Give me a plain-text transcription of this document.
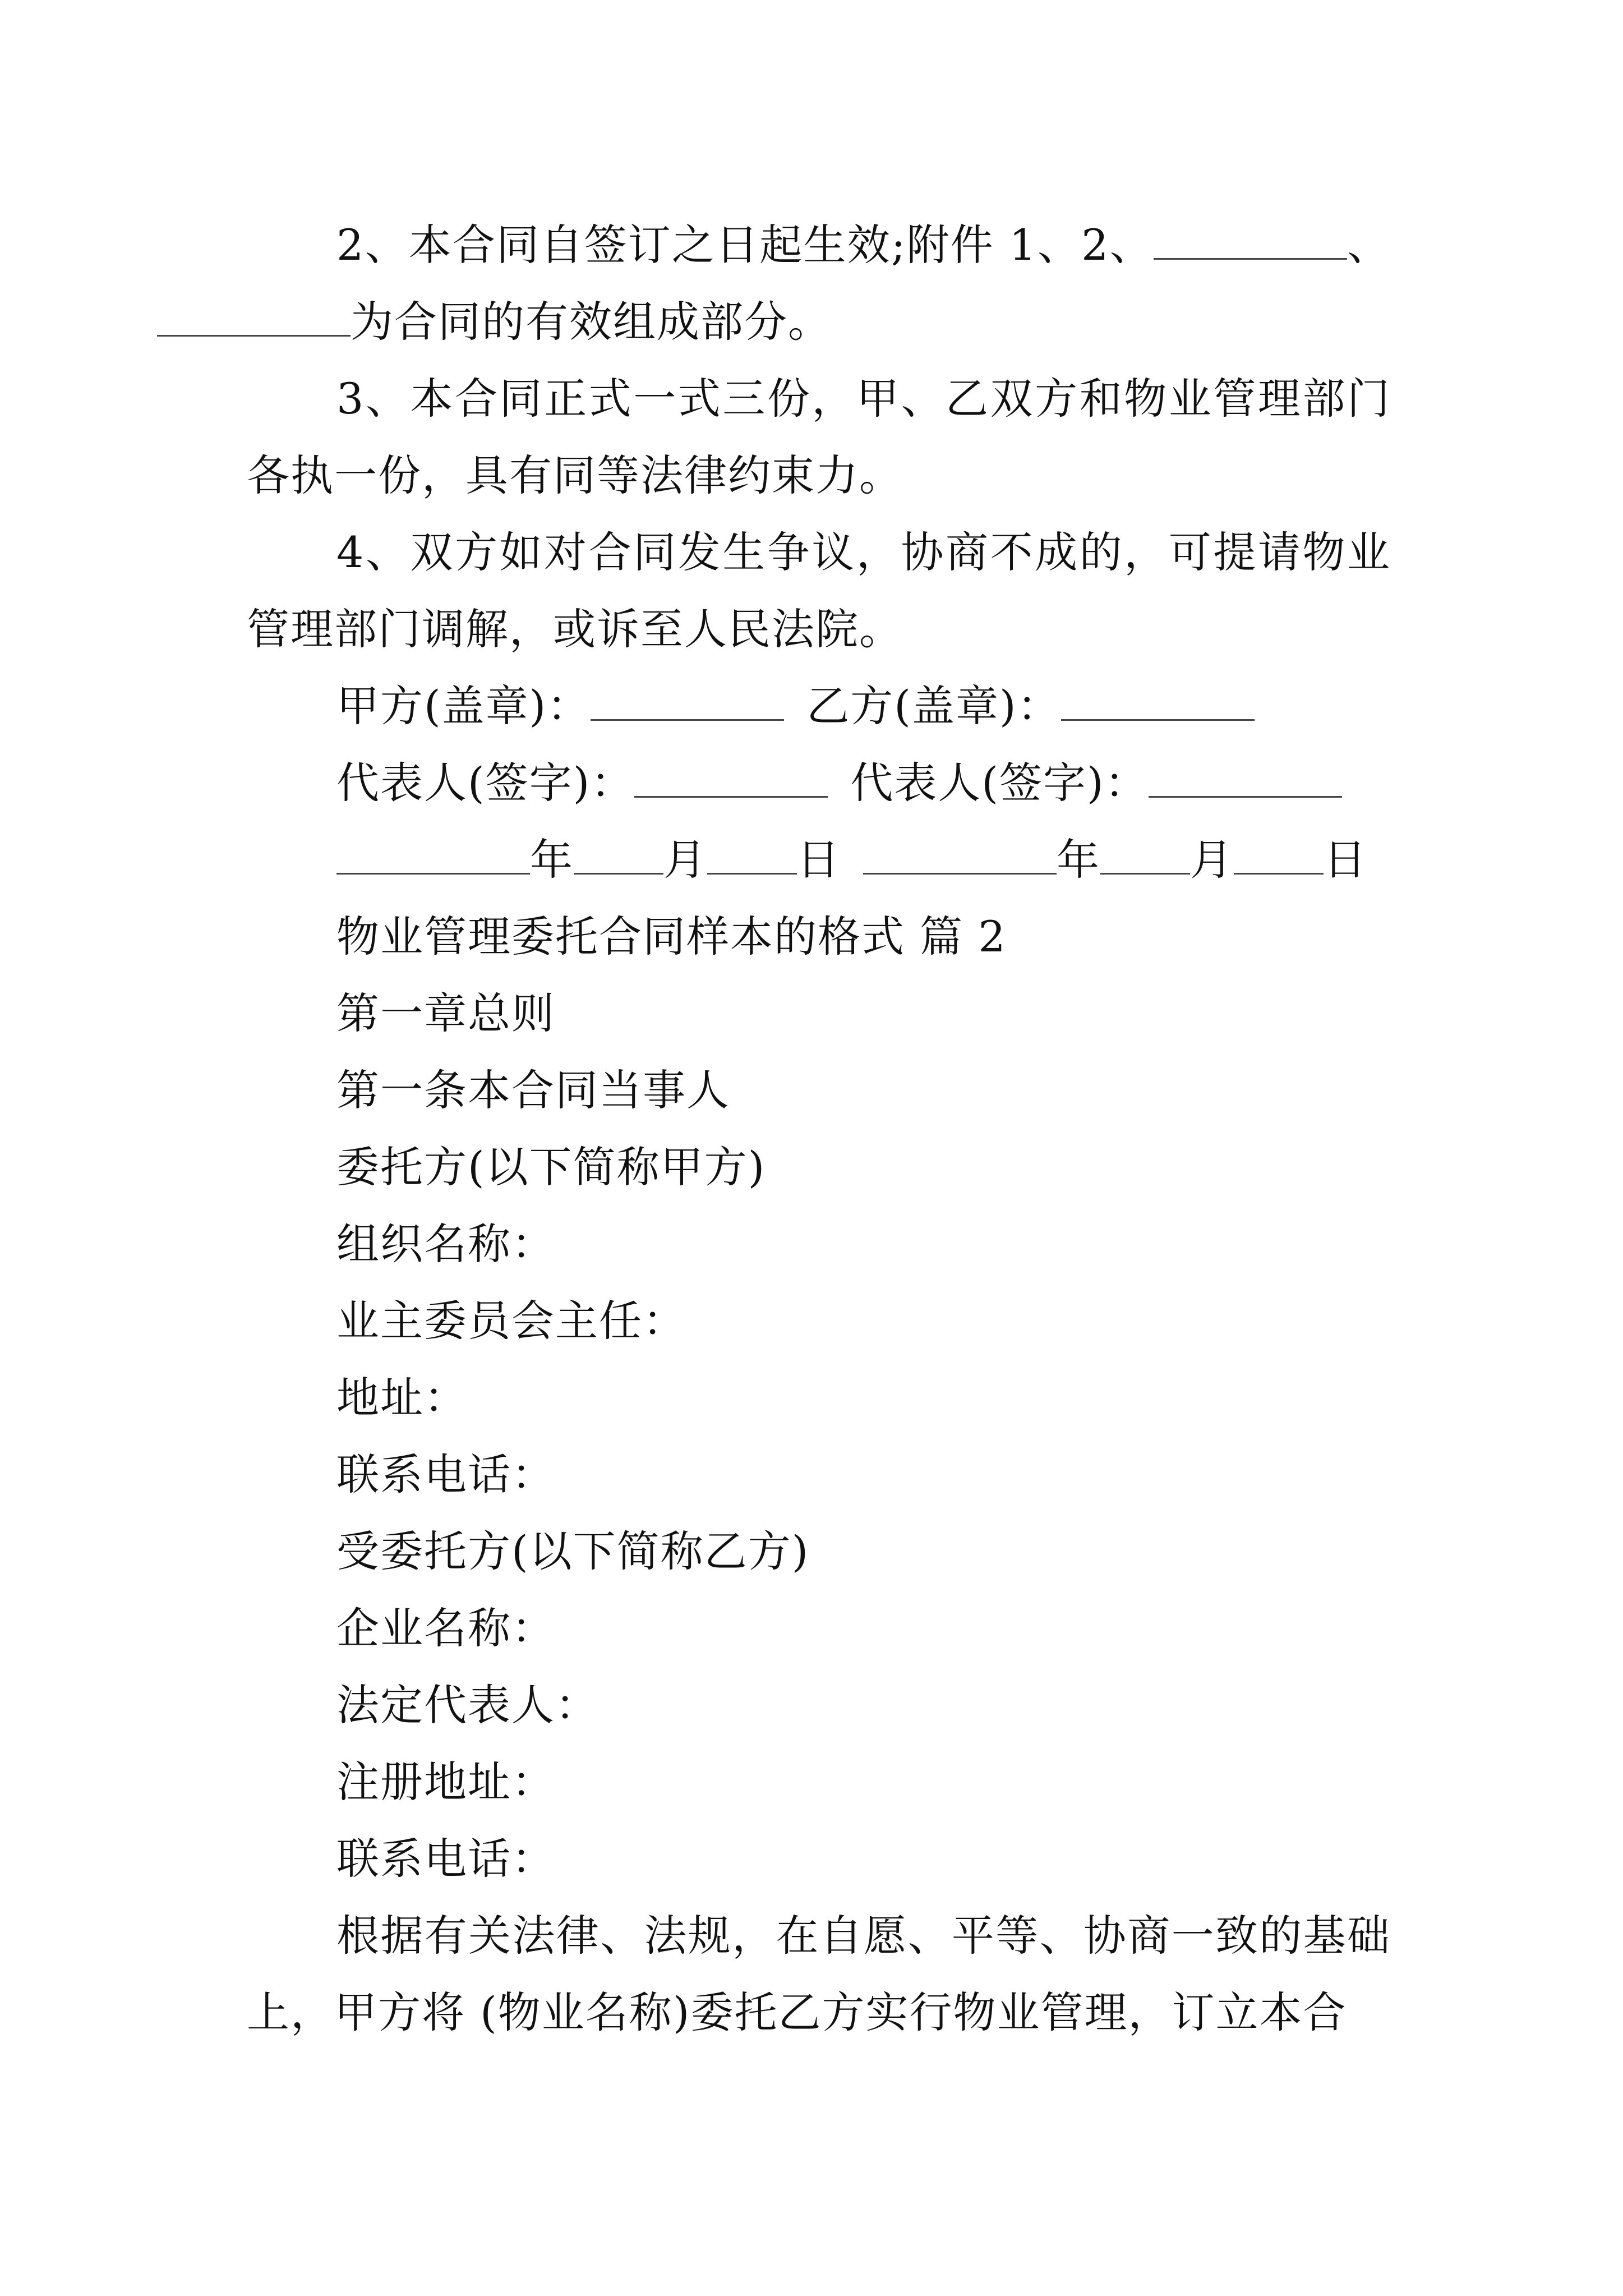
2、本合同自签订之日起生效;附件 1、2、	、 为合同的有效组成部分。

3、本合同正式一式三份，甲、乙双方和物业管理部门各执一份，具有同等法律约束力。

4、双方如对合同发生争议，协商不成的，可提请物业管理部门调解，或诉至人民法院。

甲方(盖章)：	乙方(盖章)：

代表人(签字)：	代表人(签字)：

年 月 日	年 月 日

物业管理委托合同样本的格式 篇 2

第一章总则

第一条本合同当事人

委托方(以下简称甲方)

组织名称：

业主委员会主任：

地址：

联系电话：

受委托方(以下简称乙方)

企业名称：

法定代表人：

注册地址：

联系电话：

根据有关法律、法规，在自愿、平等、协商一致的基础上，甲方将 (物业名称)委托乙方实行物业管理，订立本合
